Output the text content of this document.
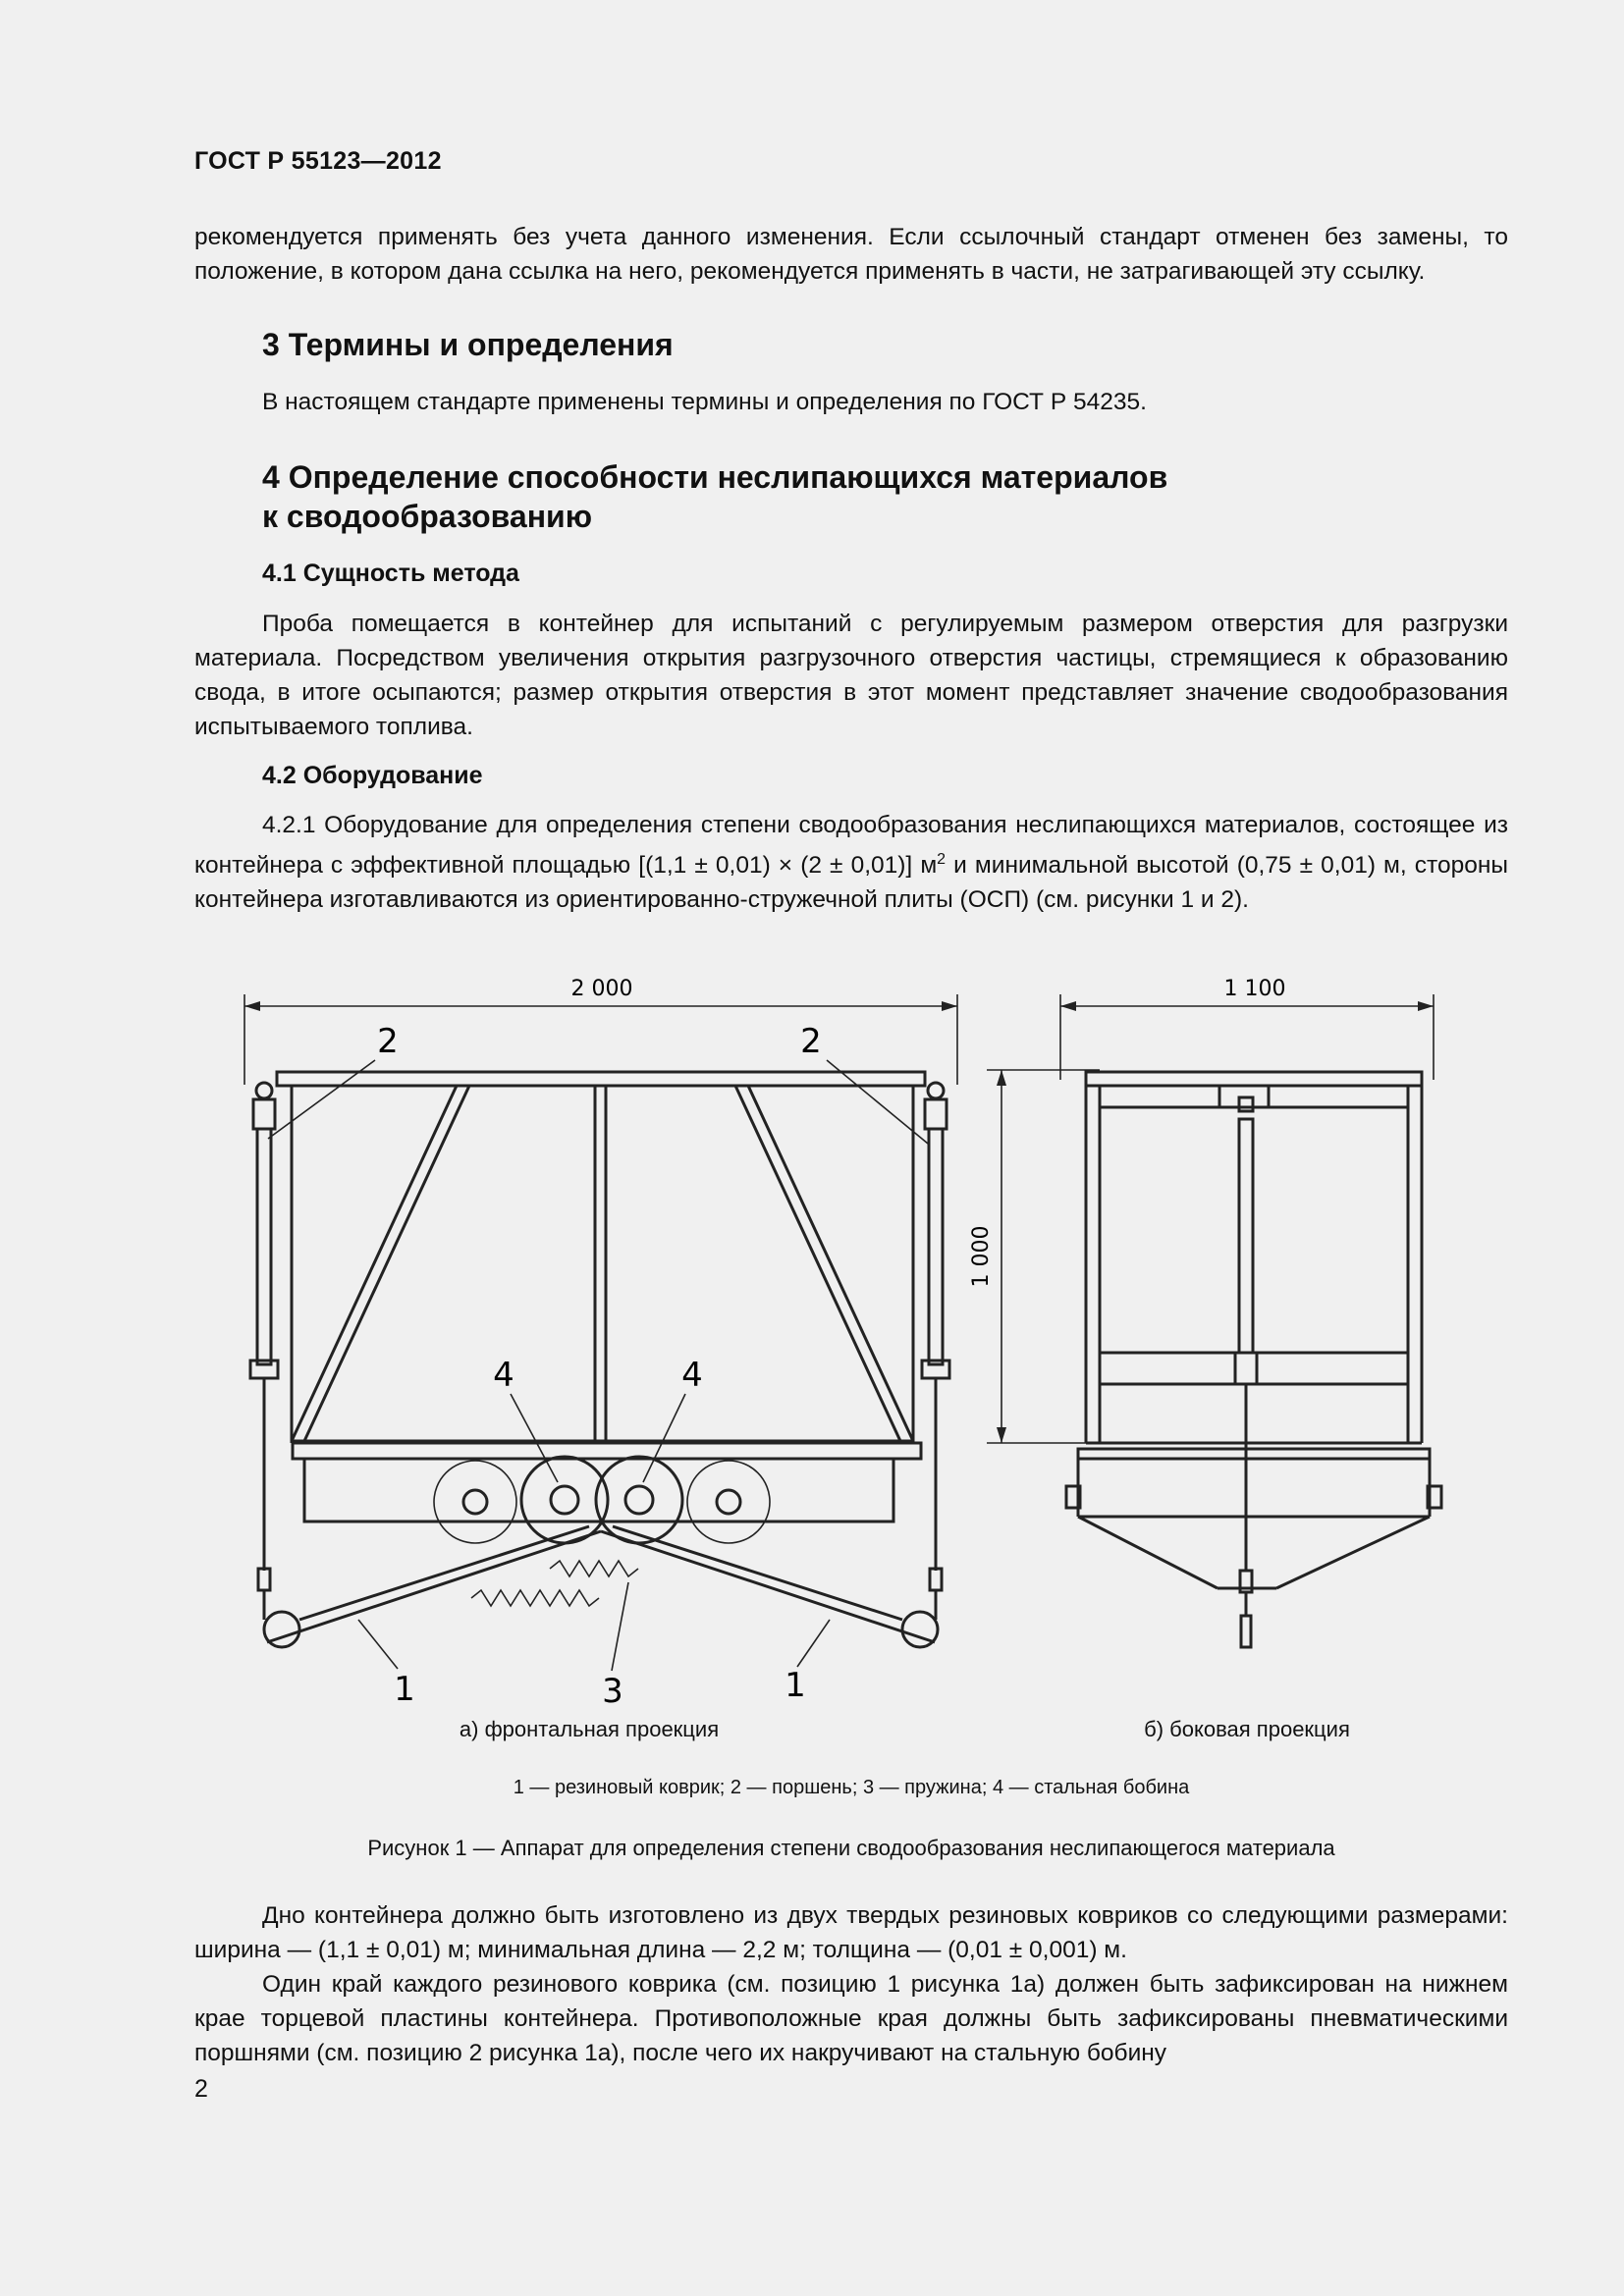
ГОСТ Р 55123—2012
рекомендуется применять без учета данного изменения. Если ссылочный стандарт отменен без замены, то положение, в котором дана ссылка на него, рекомендуется применять в части, не затрагивающей эту ссылку.
3 Термины и определения
В настоящем стандарте применены термины и определения по ГОСТ Р 54235.
4 Определение способности неслипающихся материалов
к сводообразованию
4.1 Сущность метода
Проба помещается в контейнер для испытаний с регулируемым размером отверстия для разгрузки материала. Посредством увеличения открытия разгрузочного отверстия частицы, стремящиеся к образованию свода, в итоге осыпаются; размер открытия отверстия в этот момент представляет значение сводообразования испытываемого топлива.
4.2 Оборудование
4.2.1 Оборудование для определения степени сводообразования неслипающихся материалов, состоящее из контейнера с эффективной площадью [(1,1 ± 0,01) × (2 ± 0,01)] $м^2$ и минимальной высотой (0,75 ± 0,01) м, стороны контейнера изготавливаются из ориентированно-стружечной плиты (ОСП) (см. рисунки 1 и 2).
2 000
2	2
4	4
1	3	1
1 100
1 000
а) фронтальная проекция	б) боковая проекция
1 — резиновый коврик; 2 — поршень; 3 — пружина; 4 — стальная бобина
Рисунок 1 — Аппарат для определения степени сводообразования неслипающегося материала
Дно контейнера должно быть изготовлено из двух твердых резиновых ковриков со следующими размерами: ширина — (1,1 ± 0,01) м; минимальная длина — 2,2 м; толщина — (0,01 ± 0,001) м.
Один край каждого резинового коврика (см. позицию 1 рисунка 1а) должен быть зафиксирован на нижнем крае торцевой пластины контейнера. Противоположные края должны быть зафиксированы пневматическими поршнями (см. позицию 2 рисунка 1а), после чего их накручивают на стальную бобину
2
